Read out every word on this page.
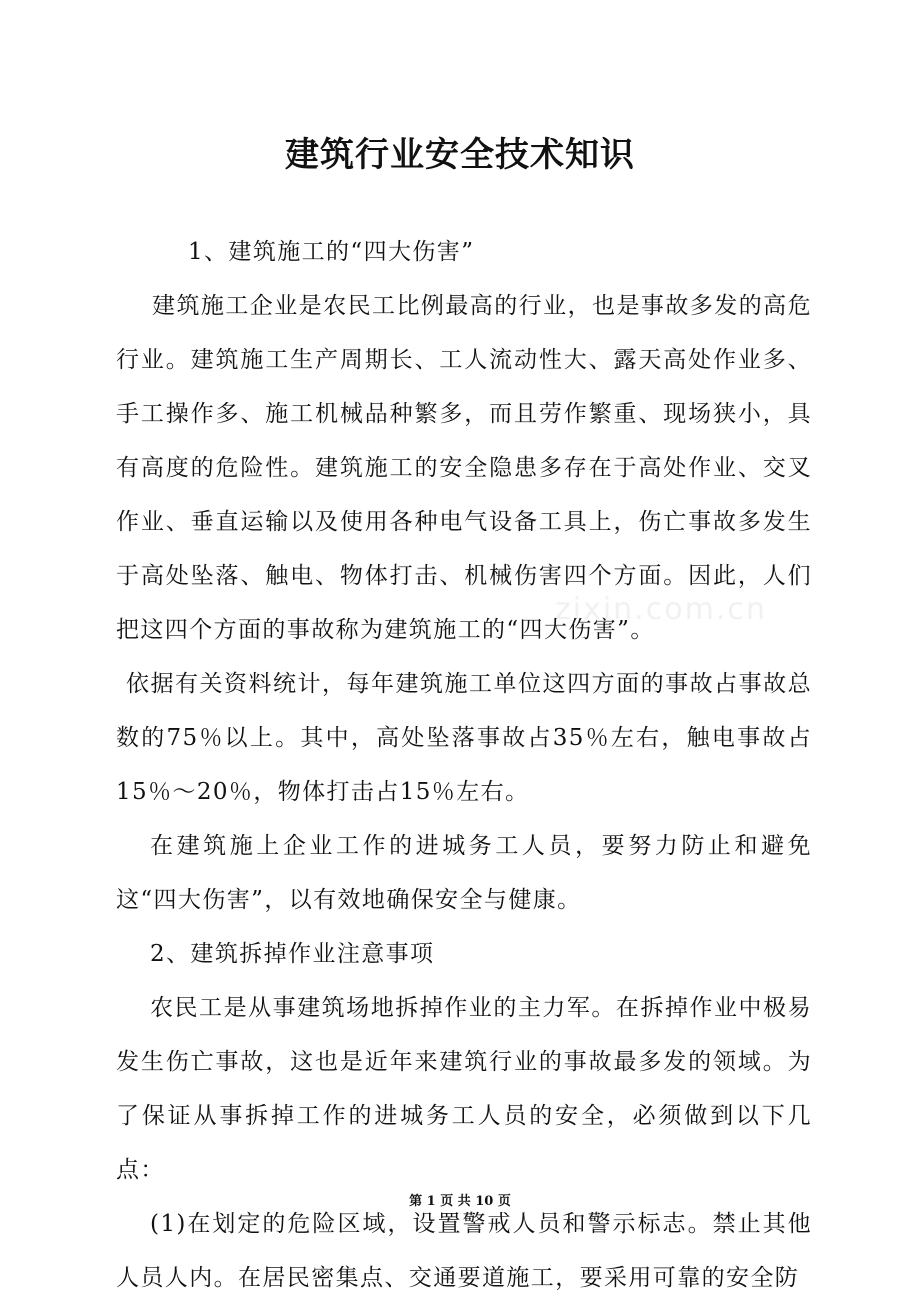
建筑行业安全技术知识
zixin.com.cn

1、建筑施工的“四大伤害”

建筑施工企业是农民工比例最高的行业，也是事故多发的高危行业。建筑施工生产周期长、工人流动性大、露天高处作业多、手工操作多、施工机械品种繁多，而且劳作繁重、现场狭小，具有高度的危险性。建筑施工的安全隐患多存在于高处作业、交叉作业、垂直运输以及使用各种电气设备工具上，伤亡事故多发生于高处坠落、触电、物体打击、机械伤害四个方面。因此，人们把这四个方面的事故称为建筑施工的“四大伤害”。

依据有关资料统计，每年建筑施工单位这四方面的事故占事故总数的75％以上。其中，高处坠落事故占35％左右，触电事故占15％～20％，物体打击占15％左右。

在建筑施上企业工作的进城务工人员，要努力防止和避免这“四大伤害”，以有效地确保安全与健康。

2、建筑拆掉作业注意事项

农民工是从事建筑场地拆掉作业的主力军。在拆掉作业中极易发生伤亡事故，这也是近年来建筑行业的事故最多发的领域。为了保证从事拆掉工作的进城务工人员的安全，必须做到以下几点：

(1)在划定的危险区域，设置警戒人员和警示标志。禁止其他人员人内。在居民密集点、交通要道施工，要采用可靠的安全防

第 1 页 共 10 页
